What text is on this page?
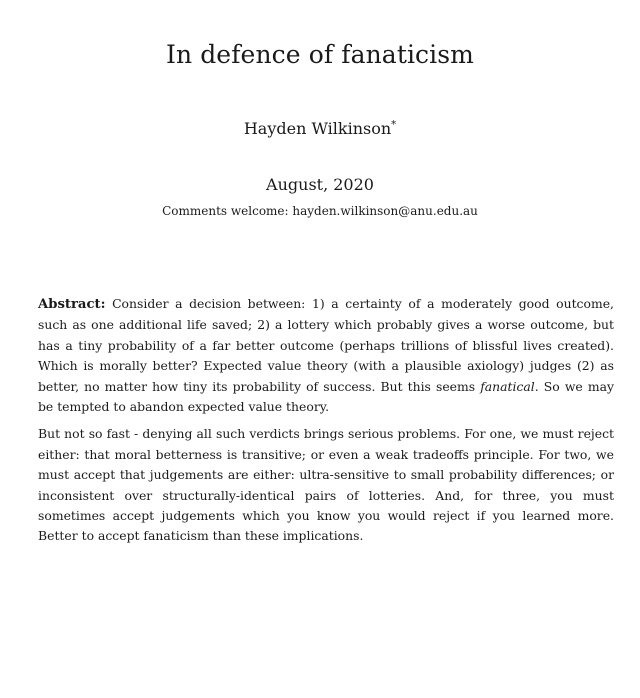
In defence of fanaticism
Hayden Wilkinson*
August, 2020
Comments welcome: hayden.wilkinson@anu.edu.au

Abstract: Consider a decision between: 1) a certainty of a moderately good outcome, such as one additional life saved; 2) a lottery which probably gives a worse outcome, but has a tiny probability of a far better outcome (perhaps trillions of blissful lives created). Which is morally better? Expected value theory (with a plausible axiology) judges (2) as better, no matter how tiny its probability of success. But this seems fanatical. So we may be tempted to abandon expected value theory.

But not so fast - denying all such verdicts brings serious problems. For one, we must reject either: that moral betterness is transitive; or even a weak tradeoffs principle. For two, we must accept that judgements are either: ultra-sensitive to small probability differences; or inconsistent over structurally-identical pairs of lotteries. And, for three, you must sometimes accept judgements which you know you would reject if you learned more. Better to accept fanaticism than these implications.
